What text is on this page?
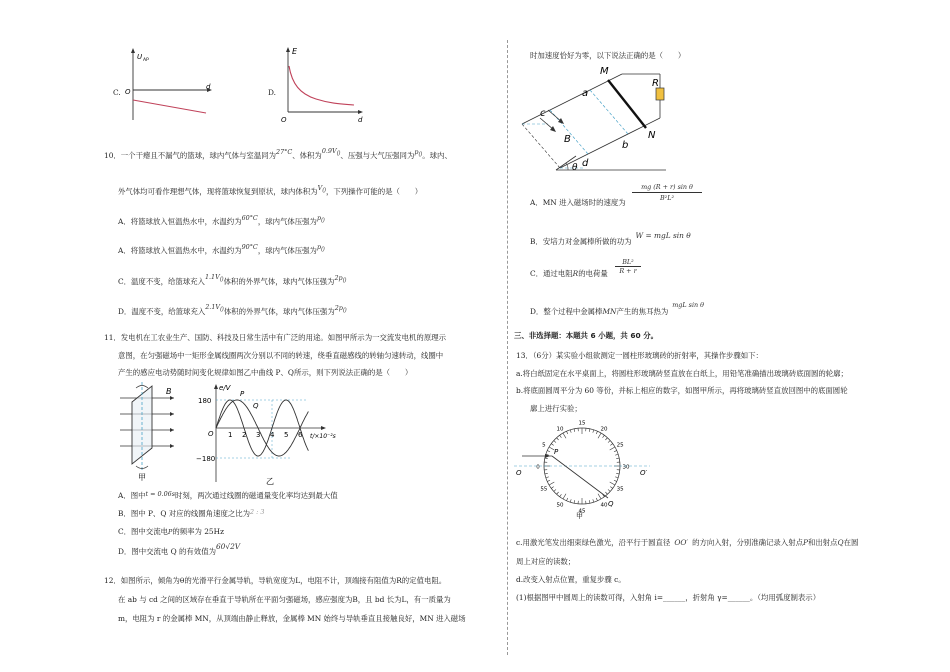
C.
U AP
O
d
D.
E
O	d
10．一个干瘪且不漏气的篮球，球内气体与室温同为27°C、体积为$0.9V_0$、压强与大气压强同为$p_0$。球内、
外气体均可看作理想气体，现将篮球恢复到原状，球内体积为$V_0$，下列操作可能的是（　　）
A．将篮球放入恒温热水中，水温约为60°C，球内气体压强为$p_0$
A．将篮球放入恒温热水中，水温约为90°C，球内气体压强为$p_0$
C．温度不变，给篮球充入$1.1V_0$体积的外界气体，球内气体压强为$2p_0$
D．温度不变，给篮球充入$2.1V_0$体积的外界气体，球内气体压强为$2p_0$
11．发电机在工农业生产、国防、科技及日常生活中有广泛的用途。如图甲所示为一交流发电机的原理示
意图，在匀强磁场中一矩形金属线圈两次分别以不同的转速，绕垂直磁感线的转轴匀速转动，线圈中
产生的感应电动势随时间变化规律如图乙中曲线 P、Q所示，则下列说法正确的是（　　）
B
甲
e/V
180
−180
O
P
Q
1 2 3 4 5 6 t/×10⁻²s
乙
A．图中t = 0.06s时刻，两次通过线圈的磁通量变化率均达到最大值
B．图中 P、Q 对应的线圈角速度之比为2 : 3
C．图中交流电P的频率为 25Hz
D．图中交流电 Q 的有效值为60√2V
12．如图所示，倾角为θ的光滑平行金属导轨，导轨宽度为L，电阻不计，顶端接有阻值为R的定值电阻。
在 ab 与 cd 之间的区域存在垂直于导轨所在平面匀强磁场，感应强度为B，且 bd 长为L，有一质量为
m，电阻为 r 的金属棒 MN，从顶端由静止释放，金属棒 MN 始终与导轨垂直且接触良好，MN 进入磁场
时加速度恰好为零，以下说法正确的是（　　）
M
N
R
a
b
c
d
B
θ
A．MN 进入磁场时的速度为
mg (R + r) sin θ
B²L²
B．安培力对金属棒所做的功为W = mgL sin θ
C．通过电阻R的电荷量
BL²
R + r
D．整个过程中金属棒MN产生的焦耳热为mgL sin θ
三、非选择题：本题共 6 小题，共 60 分。
13．（6分）某实验小组欲测定一圆柱形玻璃砖的折射率，其操作步骤如下：
a.将白纸固定在水平桌面上，将圆柱形玻璃砖竖直放在白纸上，用铅笔准确描出玻璃砖底面圆的轮廓；
b.将底面圆周平分为 60 等份，并标上相应的数字，如图甲所示，再将玻璃砖竖直放回图中的底面圆轮
廓上进行实验；
0
5
10
15
20
25
30
35
40
45
50
55
O	O′
P
Q
甲
c.用激光笔发出细束绿色激光，沿平行于圆直径 OO′ 的方向入射，分别准确记录入射点P和出射点Q在圆
周上对应的读数；
d.改变入射点位置，重复步骤 c。
(1)根据图甲中圆周上的读数可得，入射角 i=______，折射角 γ=______。（均用弧度制表示）
